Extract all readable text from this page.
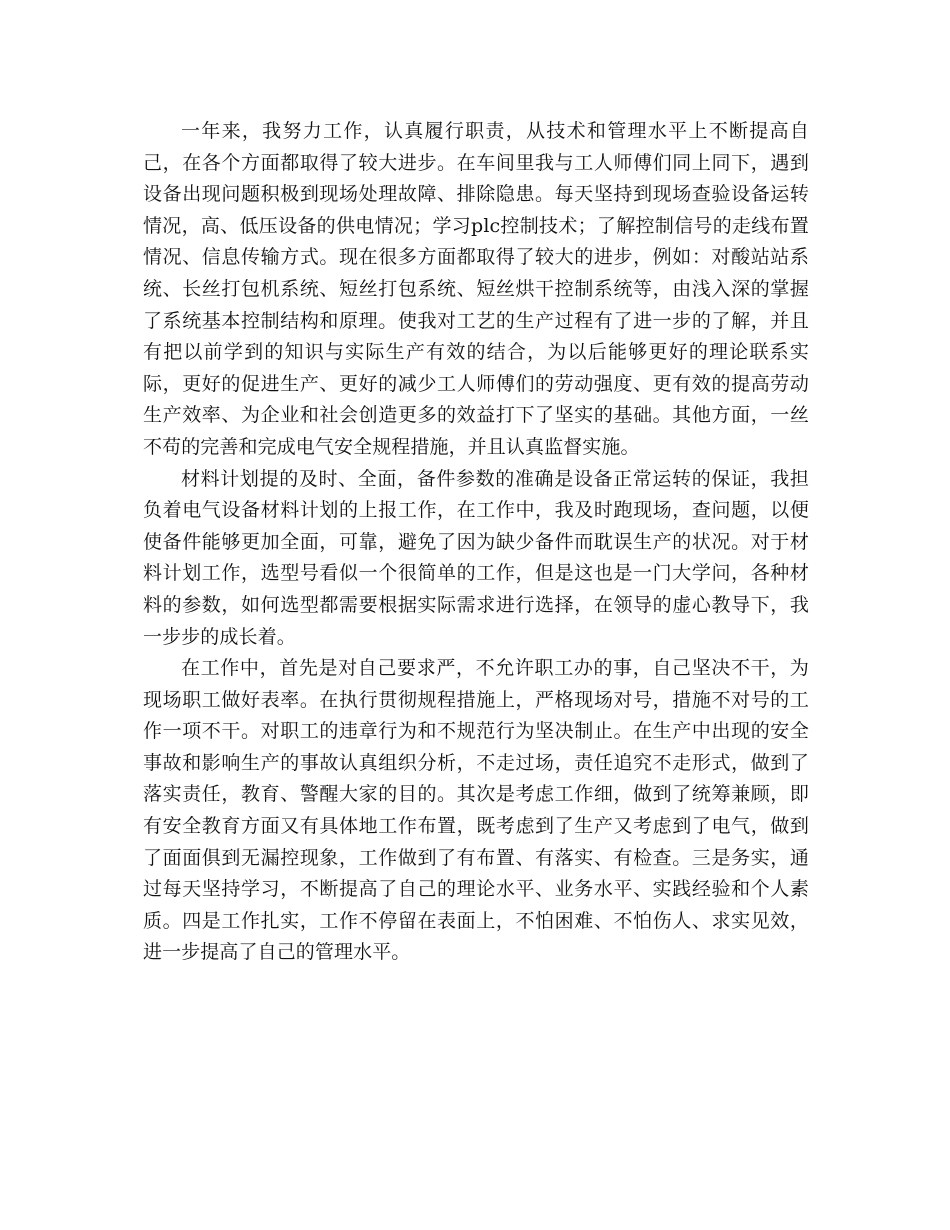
一年来，我努力工作，认真履行职责，从技术和管理水平上不断提高自己，在各个方面都取得了较大进步。在车间里我与工人师傅们同上同下，遇到设备出现问题积极到现场处理故障、排除隐患。每天坚持到现场查验设备运转情况，高、低压设备的供电情况；学习plc控制技术；了解控制信号的走线布置情况、信息传输方式。现在很多方面都取得了较大的进步，例如：对酸站站系统、长丝打包机系统、短丝打包系统、短丝烘干控制系统等，由浅入深的掌握了系统基本控制结构和原理。使我对工艺的生产过程有了进一步的了解，并且有把以前学到的知识与实际生产有效的结合，为以后能够更好的理论联系实际，更好的促进生产、更好的减少工人师傅们的劳动强度、更有效的提高劳动生产效率、为企业和社会创造更多的效益打下了坚实的基础。其他方面，一丝不苟的完善和完成电气安全规程措施，并且认真监督实施。

材料计划提的及时、全面，备件参数的准确是设备正常运转的保证，我担负着电气设备材料计划的上报工作，在工作中，我及时跑现场，查问题，以便使备件能够更加全面，可靠，避免了因为缺少备件而耽误生产的状况。对于材料计划工作，选型号看似一个很简单的工作，但是这也是一门大学问，各种材料的参数，如何选型都需要根据实际需求进行选择，在领导的虚心教导下，我一步步的成长着。

在工作中，首先是对自己要求严，不允许职工办的事，自己坚决不干，为现场职工做好表率。在执行贯彻规程措施上，严格现场对号，措施不对号的工作一项不干。对职工的违章行为和不规范行为坚决制止。在生产中出现的安全事故和影响生产的事故认真组织分析，不走过场，责任追究不走形式，做到了落实责任，教育、警醒大家的目的。其次是考虑工作细，做到了统筹兼顾，即有安全教育方面又有具体地工作布置，既考虑到了生产又考虑到了电气，做到了面面俱到无漏控现象，工作做到了有布置、有落实、有检查。三是务实，通过每天坚持学习，不断提高了自己的理论水平、业务水平、实践经验和个人素质。四是工作扎实，工作不停留在表面上，不怕困难、不怕伤人、求实见效，进一步提高了自己的管理水平。
